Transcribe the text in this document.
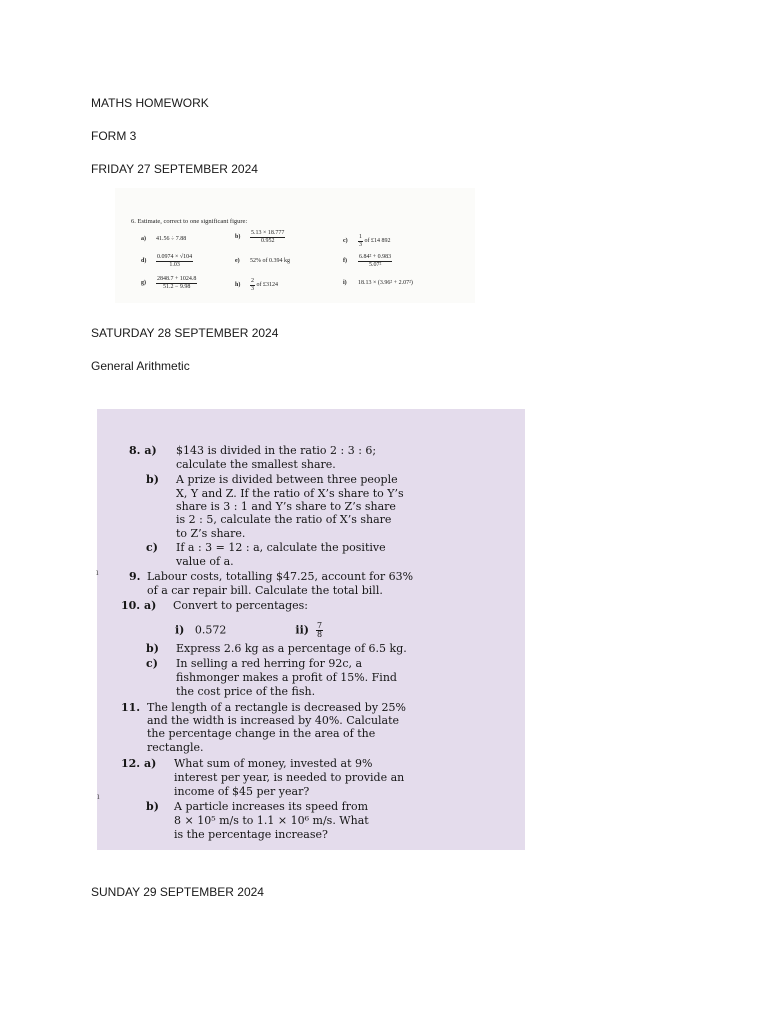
MATHS HOMEWORK
FORM 3
FRIDAY 27 SEPTEMBER 2024
6. Estimate, correct to one significant figure:
a) 41.56 ÷ 7.88	$b) \frac{5.13 \times 18.777}{0.952}$	$c) \frac{1}{3}$ of £14 892
$d) \frac{0.0974 \times √104}{1.03}$	e) 52% of 0.394 kg	$f) \frac{\text{6.84² + 0.983}}{\text{5.07²}}$
$g) \frac{2848.7 + 1024.8}{51.2 - 9.98}$	$h) \frac{2}{3}$ of £3124	i) 18.13 × (3.96² + 2.07²)
SATURDAY 28 SEPTEMBER 2024
General Arithmetic
i) 0.572	$ii) \frac{7}{8}$
8. a) $143 is divided in the ratio 2 : 3 : 6;
calculate the smallest share.
b) A prize is divided between three people
X, Y and Z. If the ratio of X’s share to Y’s
share is 3 : 1 and Y’s share to Z’s share
is 2 : 5, calculate the ratio of X’s share
to Z’s share.
c) If a : 3 = 12 : a, calculate the positive
value of a.
9. Labour costs, totalling $47.25, account for 63%
of a car repair bill. Calculate the total bill.
10. a) Convert to percentages:
b) Express 2.6 kg as a percentage of 6.5 kg.
c) In selling a red herring for 92c, a
fishmonger makes a profit of 15%. Find
the cost price of the fish.
11. The length of a rectangle is decreased by 25%
and the width is increased by 40%. Calculate
the percentage change in the area of the
rectangle.
12. a) What sum of money, invested at 9%
interest per year, is needed to provide an
income of $45 per year?
b) A particle increases its speed from
8 × 10⁵ m/s to 1.1 × 10⁶ m/s. What
is the percentage increase?
ı
ı
SUNDAY 29 SEPTEMBER 2024
